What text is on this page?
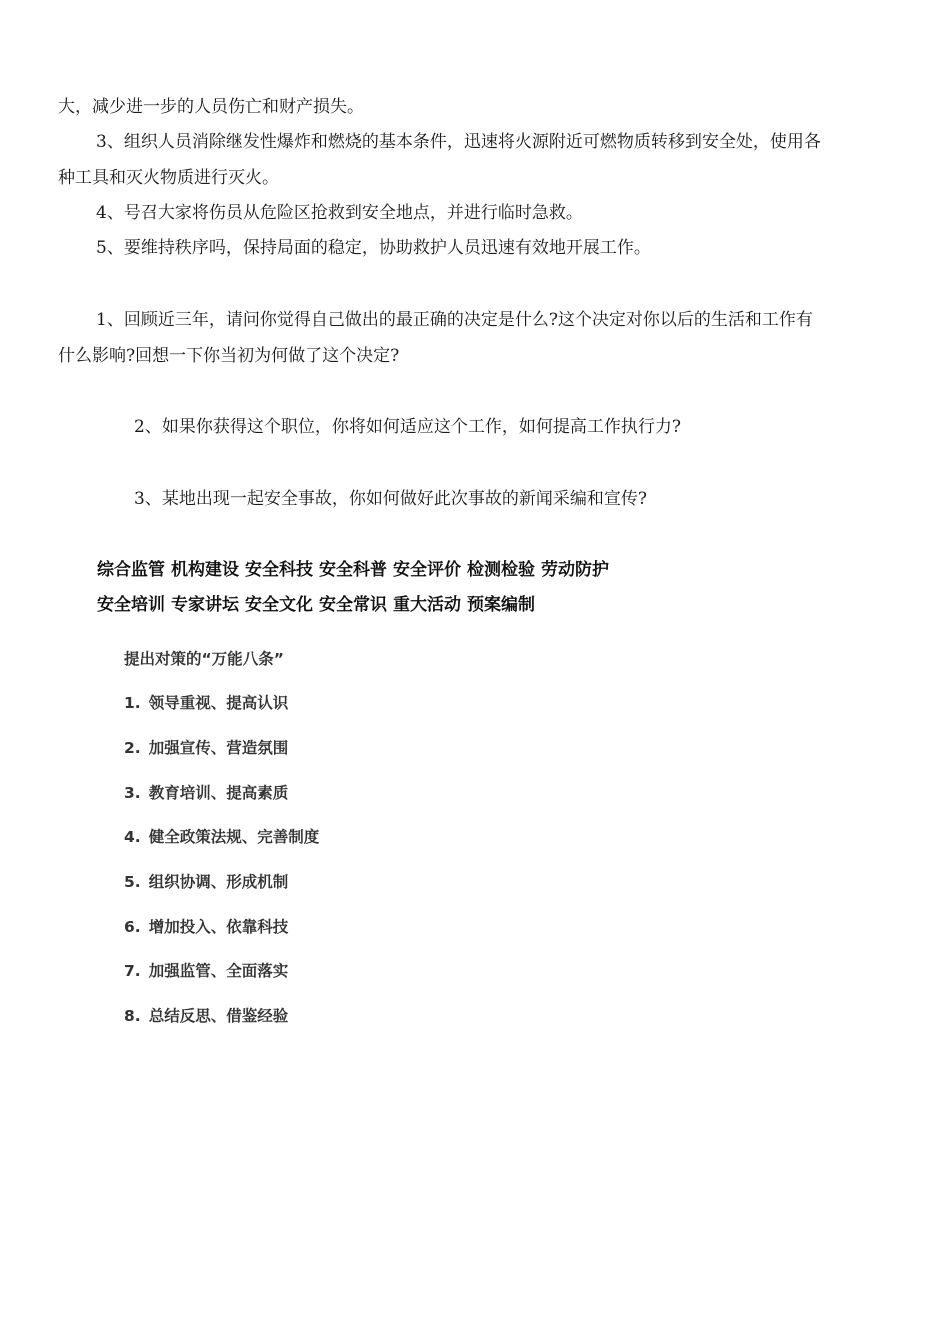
大，减少进一步的人员伤亡和财产损失。
3、组织人员消除继发性爆炸和燃烧的基本条件，迅速将火源附近可燃物质转移到安全处，使用各
种工具和灭火物质进行灭火。
4、号召大家将伤员从危险区抢救到安全地点，并进行临时急救。
5、要维持秩序吗，保持局面的稳定，协助救护人员迅速有效地开展工作。
1、回顾近三年，请问你觉得自己做出的最正确的决定是什么?这个决定对你以后的生活和工作有
什么影响?回想一下你当初为何做了这个决定?
2、如果你获得这个职位，你将如何适应这个工作，如何提高工作执行力?
3、某地出现一起安全事故，你如何做好此次事故的新闻采编和宣传?
综合监管 机构建设 安全科技 安全科普 安全评价 检测检验 劳动防护
安全培训 专家讲坛 安全文化 安全常识 重大活动 预案编制
提出对策的“万能八条”
1. 领导重视、提高认识
2. 加强宣传、营造氛围
3. 教育培训、提高素质
4. 健全政策法规、完善制度
5. 组织协调、形成机制
6. 增加投入、依靠科技
7. 加强监管、全面落实
8. 总结反思、借鉴经验
